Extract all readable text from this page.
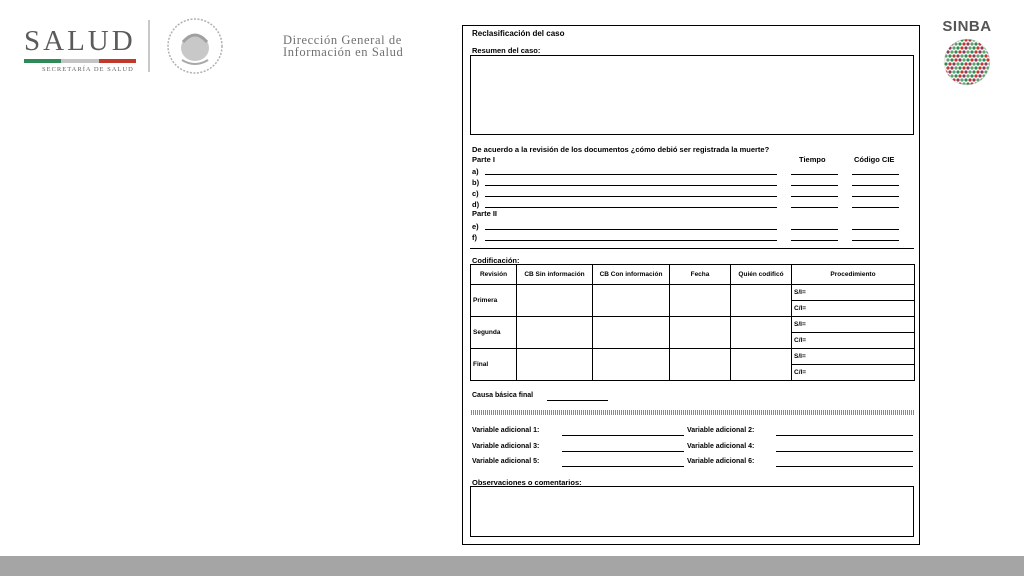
SALUD
SECRETARÍA DE SALUD
Dirección General de
Información en Salud
SINBA
Reclasificación del caso
Resumen del caso:
De acuerdo a la revisión de los documentos ¿cómo debió ser registrada la muerte?
Parte I	Tiempo	Código CIE
a)
b)
c)
d)
Parte II
e)
f)
Codificación:
Revisión	CB Sin información	CB Con información	Fecha	Quién codificó	Procedimiento
Primera					S/I=
					C/I=
Segunda					S/I=
					C/I=
Final					S/I=
					C/I=
Causa básica final
Variable adicional 1:	Variable adicional 2:
Variable adicional 3:	Variable adicional 4:
Variable adicional 5:	Variable adicional 6:
Observaciones o comentarios:
